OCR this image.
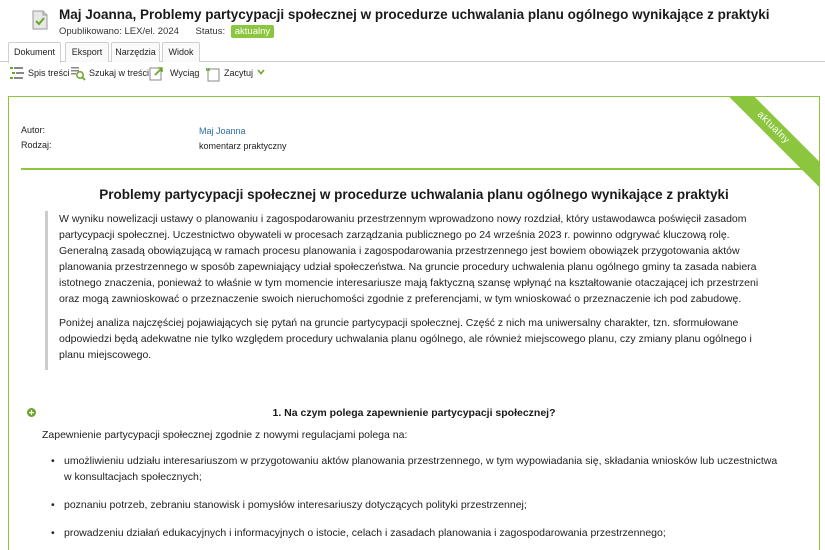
Maj Joanna, Problemy partycypacji społecznej w procedurze uchwalania planu ogólnego wynikające z praktyki
Opublikowano: LEX/el. 2024 Status: aktualny
Dokument	Eksport	Narzędzia	Widok
Spis treści Szukaj w treści Wyciąg " Zacytuj
aktualny
Autor:	Maj Joanna
Rodzaj:	komentarz praktyczny
Problemy partycypacji społecznej w procedurze uchwalania planu ogólnego wynikające z praktyki

W wyniku nowelizacji ustawy o planowaniu i zagospodarowaniu przestrzennym wprowadzono nowy rozdział, który ustawodawca poświęcił zasadom partycypacji społecznej. Uczestnictwo obywateli w procesach zarządzania publicznego po 24 września 2023 r. powinno odgrywać kluczową rolę. Generalną zasadą obowiązującą w ramach procesu planowania i zagospodarowania przestrzennego jest bowiem obowiązek przygotowania aktów planowania przestrzennego w sposób zapewniający udział społeczeństwa. Na gruncie procedury uchwalenia planu ogólnego gminy ta zasada nabiera istotnego znaczenia, ponieważ to właśnie w tym momencie interesariusze mają faktyczną szansę wpłynąć na kształtowanie otaczającej ich przestrzeni oraz mogą zawnioskować o przeznaczenie swoich nieruchomości zgodnie z preferencjami, w tym wnioskować o przeznaczenie ich pod zabudowę.

Poniżej analiza najczęściej pojawiających się pytań na gruncie partycypacji społecznej. Część z nich ma uniwersalny charakter, tzn. sformułowane odpowiedzi będą adekwatne nie tylko względem procedury uchwalania planu ogólnego, ale również miejscowego planu, czy zmiany planu ogólnego i planu miejscowego.

1. Na czym polega zapewnienie partycypacji społecznej?
Zapewnienie partycypacji społecznej zgodnie z nowymi regulacjami polega na:
• umożliwieniu udziału interesariuszom w przygotowaniu aktów planowania przestrzennego, w tym wypowiadania się, składania wniosków lub uczestnictwa w konsultacjach społecznych;
• poznaniu potrzeb, zebraniu stanowisk i pomysłów interesariuszy dotyczących polityki przestrzennej;
• prowadzeniu działań edukacyjnych i informacyjnych o istocie, celach i zasadach planowania i zagospodarowania przestrzennego;
